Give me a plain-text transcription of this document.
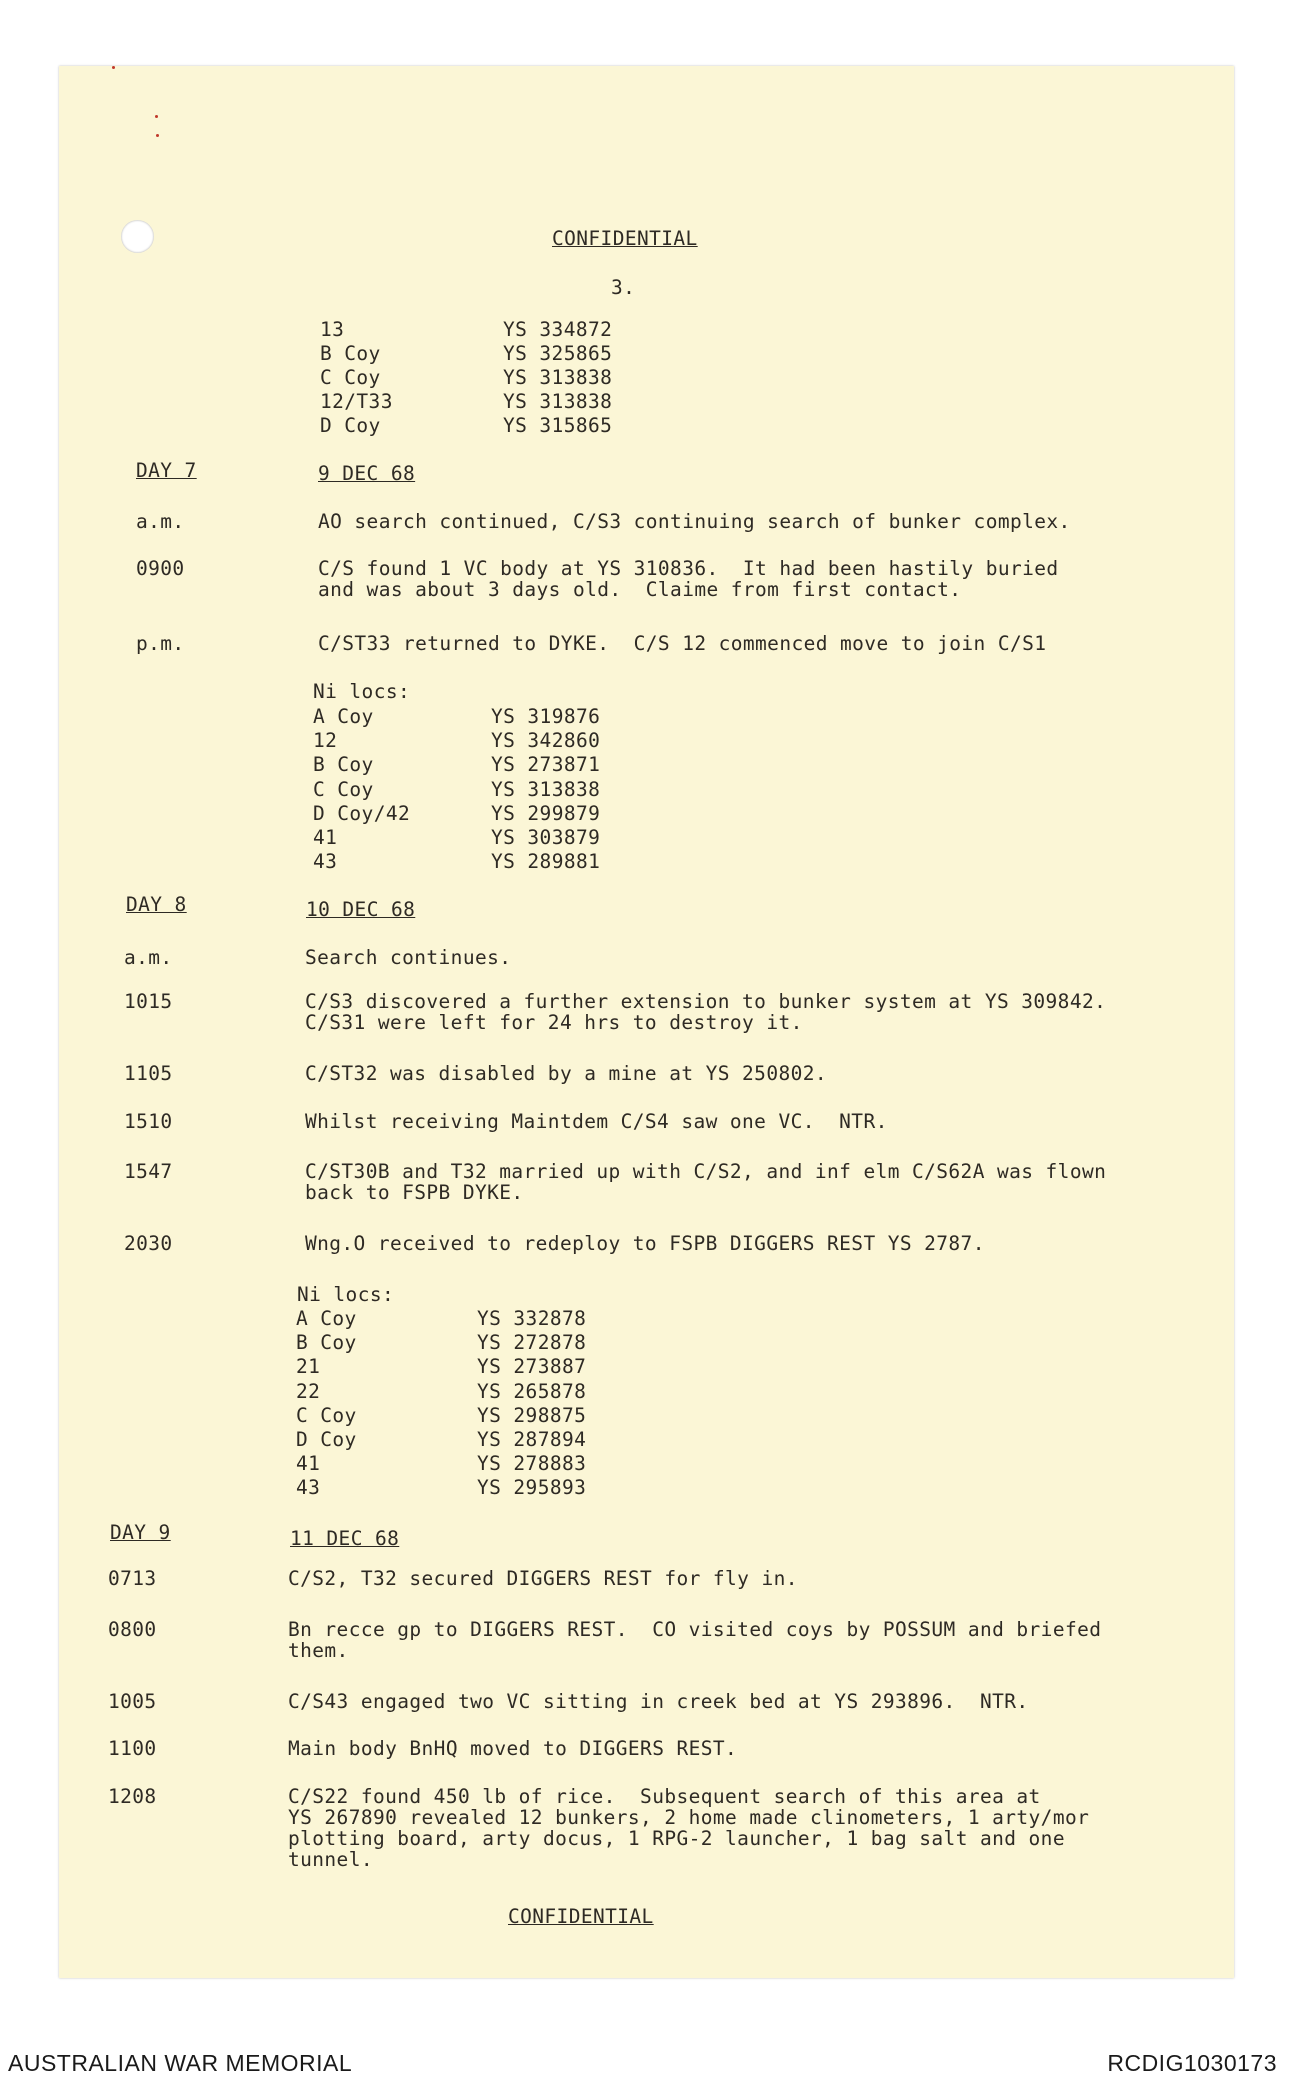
CONFIDENTIAL
3.
13	YS 334872
B Coy	YS 325865
C Coy	YS 313838
12/T33	YS 313838
D Coy	YS 315865
DAY 7	9 DEC 68
a.m.	AO search continued, C/S3 continuing search of bunker complex.
0900	C/S found 1 VC body at YS 310836.  It had been hastily buried
and was about 3 days old.  Claime from first contact.
p.m.	C/ST33 returned to DYKE.  C/S 12 commenced move to join C/S1
Ni locs:
A Coy	YS 319876
12	YS 342860
B Coy	YS 273871
C Coy	YS 313838
D Coy/42	YS 299879
41	YS 303879
43	YS 289881
DAY 8	10 DEC 68
a.m.	Search continues.
1015	C/S3 discovered a further extension to bunker system at YS 309842.
C/S31 were left for 24 hrs to destroy it.
1105	C/ST32 was disabled by a mine at YS 250802.
1510	Whilst receiving Maintdem C/S4 saw one VC.  NTR.
1547	C/ST30B and T32 married up with C/S2, and inf elm C/S62A was flown
back to FSPB DYKE.
2030	Wng.O received to redeploy to FSPB DIGGERS REST YS 2787.
Ni locs:
A Coy	YS 332878
B Coy	YS 272878
21	YS 273887
22	YS 265878
C Coy	YS 298875
D Coy	YS 287894
41	YS 278883
43	YS 295893
DAY 9	11 DEC 68
0713	C/S2, T32 secured DIGGERS REST for fly in.
0800	Bn recce gp to DIGGERS REST.  CO visited coys by POSSUM and briefed
them.
1005	C/S43 engaged two VC sitting in creek bed at YS 293896.  NTR.
1100	Main body BnHQ moved to DIGGERS REST.
1208	C/S22 found 450 lb of rice.  Subsequent search of this area at
YS 267890 revealed 12 bunkers, 2 home made clinometers, 1 arty/mor
plotting board, arty docus, 1 RPG-2 launcher, 1 bag salt and one
tunnel.
CONFIDENTIAL
AUSTRALIAN WAR MEMORIAL	RCDIG1030173
